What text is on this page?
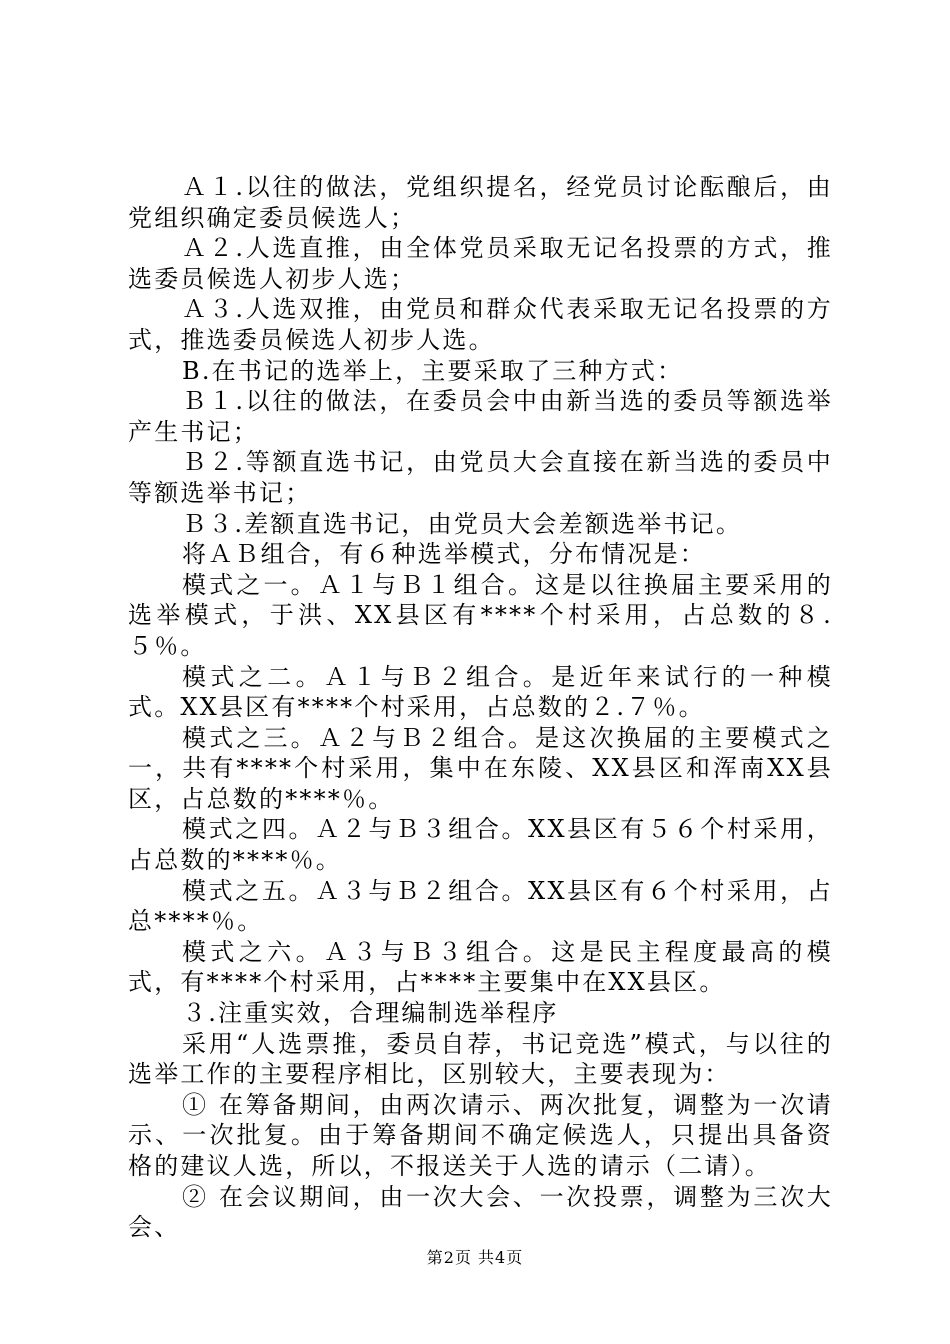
Ａ１.以往的做法，党组织提名，经党员讨论酝酿后，由党组织确定委员候选人；

Ａ２.人选直推，由全体党员采取无记名投票的方式，推选委员候选人初步人选；

Ａ３.人选双推，由党员和群众代表采取无记名投票的方式，推选委员候选人初步人选。

B.在书记的选举上，主要采取了三种方式：

Ｂ１.以往的做法，在委员会中由新当选的委员等额选举产生书记；

Ｂ２.等额直选书记，由党员大会直接在新当选的委员中等额选举书记；

Ｂ３.差额直选书记，由党员大会差额选举书记。

将ＡＢ组合，有６种选举模式，分布情况是：

模式之一。Ａ１与Ｂ１组合。这是以往换届主要采用的选举模式，于洪、XX县区有****个村采用，占总数的８.５％。

模式之二。Ａ１与Ｂ２组合。是近年来试行的一种模式。XX县区有****个村采用，占总数的２.７％。

模式之三。Ａ２与Ｂ２组合。是这次换届的主要模式之一，共有****个村采用，集中在东陵、XX县区和浑南XX县区，占总数的****％。

模式之四。Ａ２与Ｂ３组合。XX县区有５６个村采用，占总数的****％。

模式之五。Ａ３与Ｂ２组合。XX县区有６个村采用，占总****％。

模式之六。Ａ３与Ｂ３组合。这是民主程度最高的模式，有****个村采用，占****主要集中在XX县区。

３.注重实效，合理编制选举程序

采用“人选票推，委员自荐，书记竞选”模式，与以往的选举工作的主要程序相比，区别较大，主要表现为：

① 在筹备期间，由两次请示、两次批复，调整为一次请示、一次批复。由于筹备期间不确定候选人，只提出具备资格的建议人选，所以，不报送关于人选的请示（二请）。

② 在会议期间，由一次大会、一次投票，调整为三次大会、

第2页 共4页
